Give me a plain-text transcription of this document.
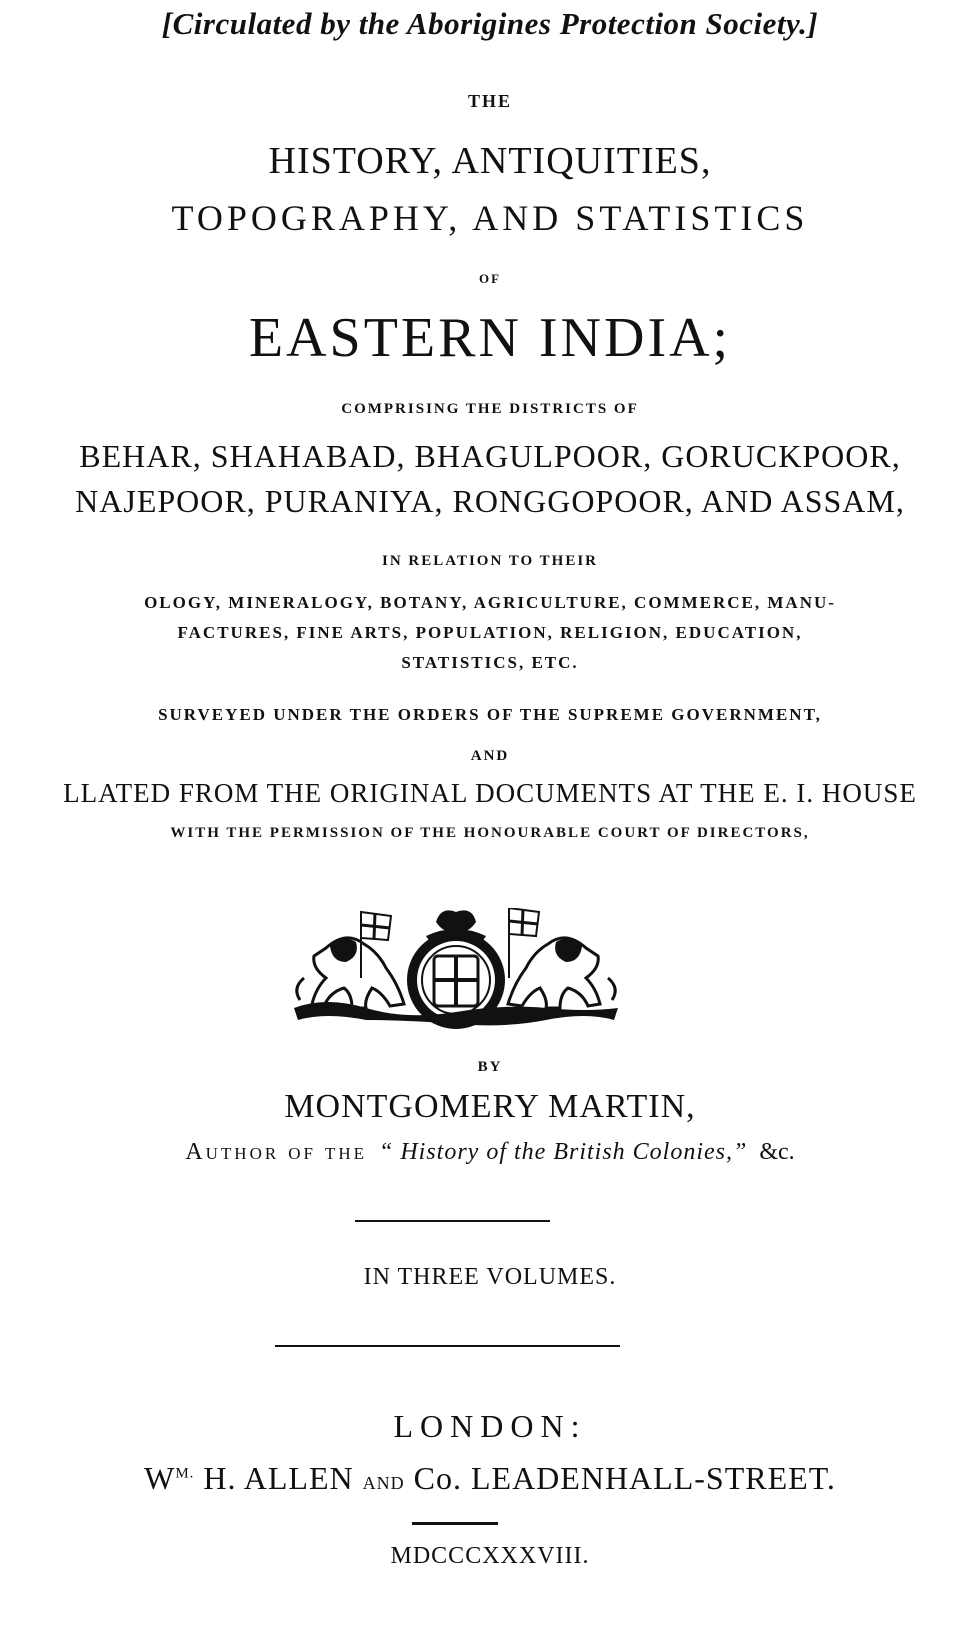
[Circulated by the Aborigines Protection Society.]
THE
HISTORY, ANTIQUITIES,
TOPOGRAPHY, AND STATISTICS
OF
EASTERN INDIA;
COMPRISING THE DISTRICTS OF
BEHAR, SHAHABAD, BHAGULPOOR, GORUCKPOOR,
NAJEPOOR, PURANIYA, RONGGOPOOR, AND ASSAM,
IN RELATION TO THEIR
OLOGY, MINERALOGY, BOTANY, AGRICULTURE, COMMERCE, MANU-
FACTURES, FINE ARTS, POPULATION, RELIGION, EDUCATION,
STATISTICS, ETC.
SURVEYED UNDER THE ORDERS OF THE SUPREME GOVERNMENT,
AND
LLATED FROM THE ORIGINAL DOCUMENTS AT THE E. I. HOUSE
WITH THE PERMISSION OF THE HONOURABLE COURT OF DIRECTORS,
BY
MONTGOMERY MARTIN,
Author of the “ History of the British Colonies,” &c.
IN THREE VOLUMES.
LONDON:
$W^{M.}$ H. ALLEN and Co. LEADENHALL-STREET.
MDCCCXXXVIII.
